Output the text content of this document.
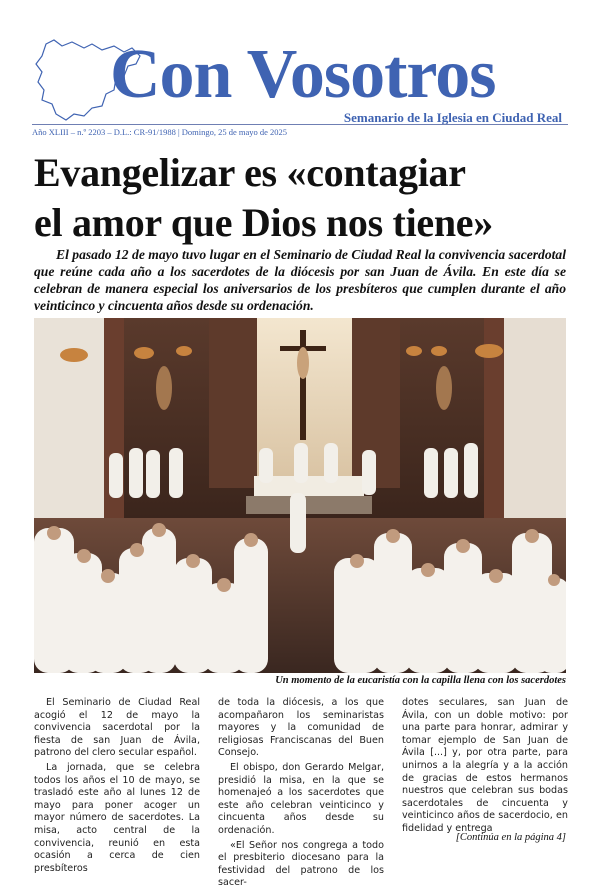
Con Vosotros
Semanario de la Iglesia en Ciudad Real
Año XLIII – n.º 2203 – D.L.: CR-91/1988 | Domingo, 25 de mayo de 2025
Evangelizar es «contagiar
el amor que Dios nos tiene»
El pasado 12 de mayo tuvo lugar en el Seminario de Ciudad Real la convivencia sacerdotal que reúne cada año a los sacerdotes de la diócesis por san Juan de Ávila. En este día se celebran de manera especial los aniversarios de los presbíteros que cumplen durante el año veinticinco y cincuenta años desde su ordenación.
Un momento de la eucaristía con la capilla llena con los sacerdotes

El Seminario de Ciudad Real acogió el 12 de mayo la convivencia sacerdotal por la fiesta de san Juan de Ávila, patrono del clero secular español.

La jornada, que se celebra todos los años el 10 de mayo, se trasladó este año al lunes 12 de mayo para poner acoger un mayor número de sacerdotes. La misa, acto central de la convivencia, reunió en esta ocasión a cerca de cien presbíteros

de toda la diócesis, a los que acompañaron los seminaristas mayores y la comunidad de religiosas Franciscanas del Buen Consejo.

El obispo, don Gerardo Melgar, presidió la misa, en la que se homenajeó a los sacerdotes que este año celebran veinticinco y cincuenta años desde su ordenación.

«El Señor nos congrega a todo el presbiterio diocesano para la festividad del patrono de los sacer-

dotes seculares, san Juan de Ávila, con un doble motivo: por una parte para honrar, admirar y tomar ejemplo de San Juan de Ávila [...] y, por otra parte, para unirnos a la alegría y a la acción de gracias de estos hermanos nuestros que celebran sus bodas sacerdotales de cincuenta y veinticinco años de sacerdocio, en fidelidad y entrega

[Continúa en la página 4]
